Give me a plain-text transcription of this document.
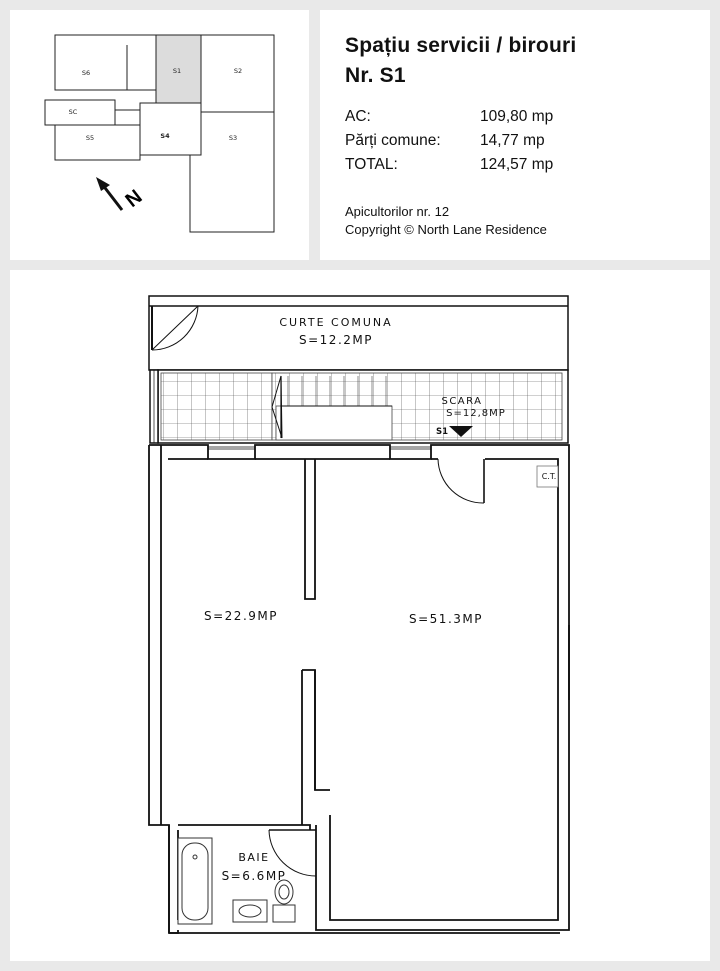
S6	S1	S2
SC
S4
S5	S3
N
Spațiu servicii / birouri
Nr. S1
AC:	109,80 mp
Părți comune:	14,77 mp
TOTAL:	124,57 mp
Apicultorilor nr. 12
Copyright © North Lane Residence
CURTE COMUNA
S=12.2MP
SCARA
S=12,8MP
S1
C.T.
S=22.9MP	S=51.3MP
BAIE
S=6.6MP
